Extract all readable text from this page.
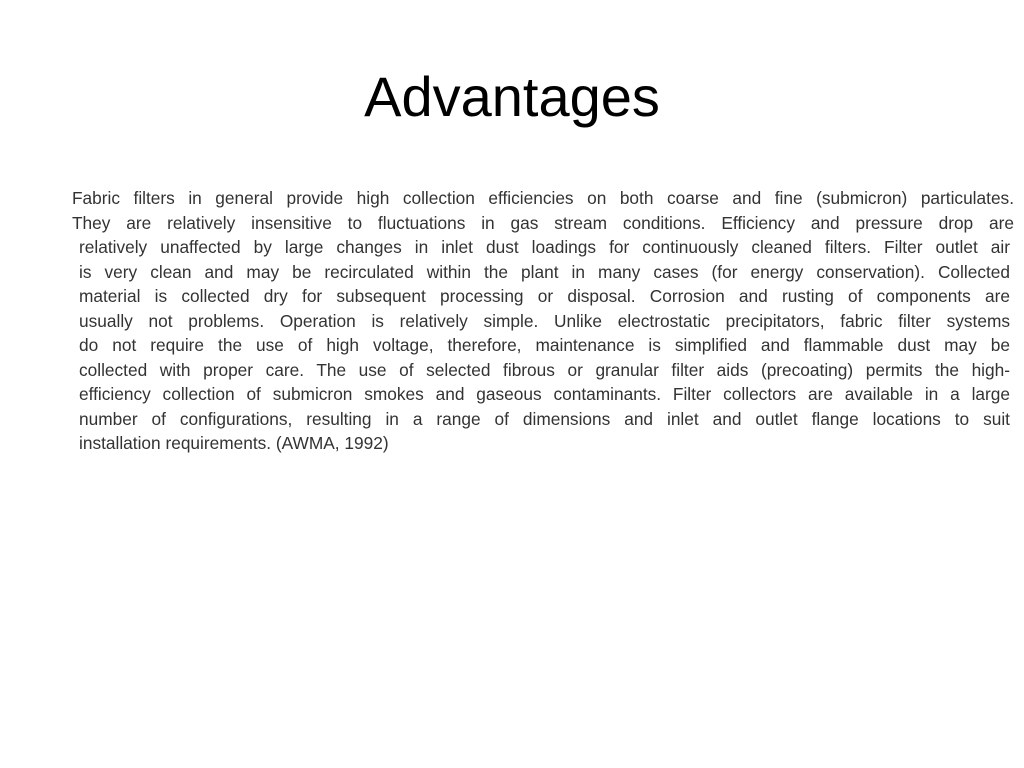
Advantages
Fabric filters in general provide high collection efficiencies on both coarse and fine (submicron) particulates.
They are relatively insensitive to fluctuations in gas stream conditions. Efficiency and pressure drop are
relatively unaffected by large changes in inlet dust loadings for continuously cleaned filters. Filter outlet air
is very clean and may be recirculated within the plant in many cases (for energy conservation). Collected
material is collected dry for subsequent processing or disposal. Corrosion and rusting of components are
usually not problems. Operation is relatively simple. Unlike electrostatic precipitators, fabric filter systems
do not require the use of high voltage, therefore, maintenance is simplified and flammable dust may be
collected with proper care. The use of selected fibrous or granular filter aids (precoating) permits the high-
efficiency collection of submicron smokes and gaseous contaminants. Filter collectors are available in a large
number of configurations, resulting in a range of dimensions and inlet and outlet flange locations to suit
installation requirements. (AWMA, 1992)
